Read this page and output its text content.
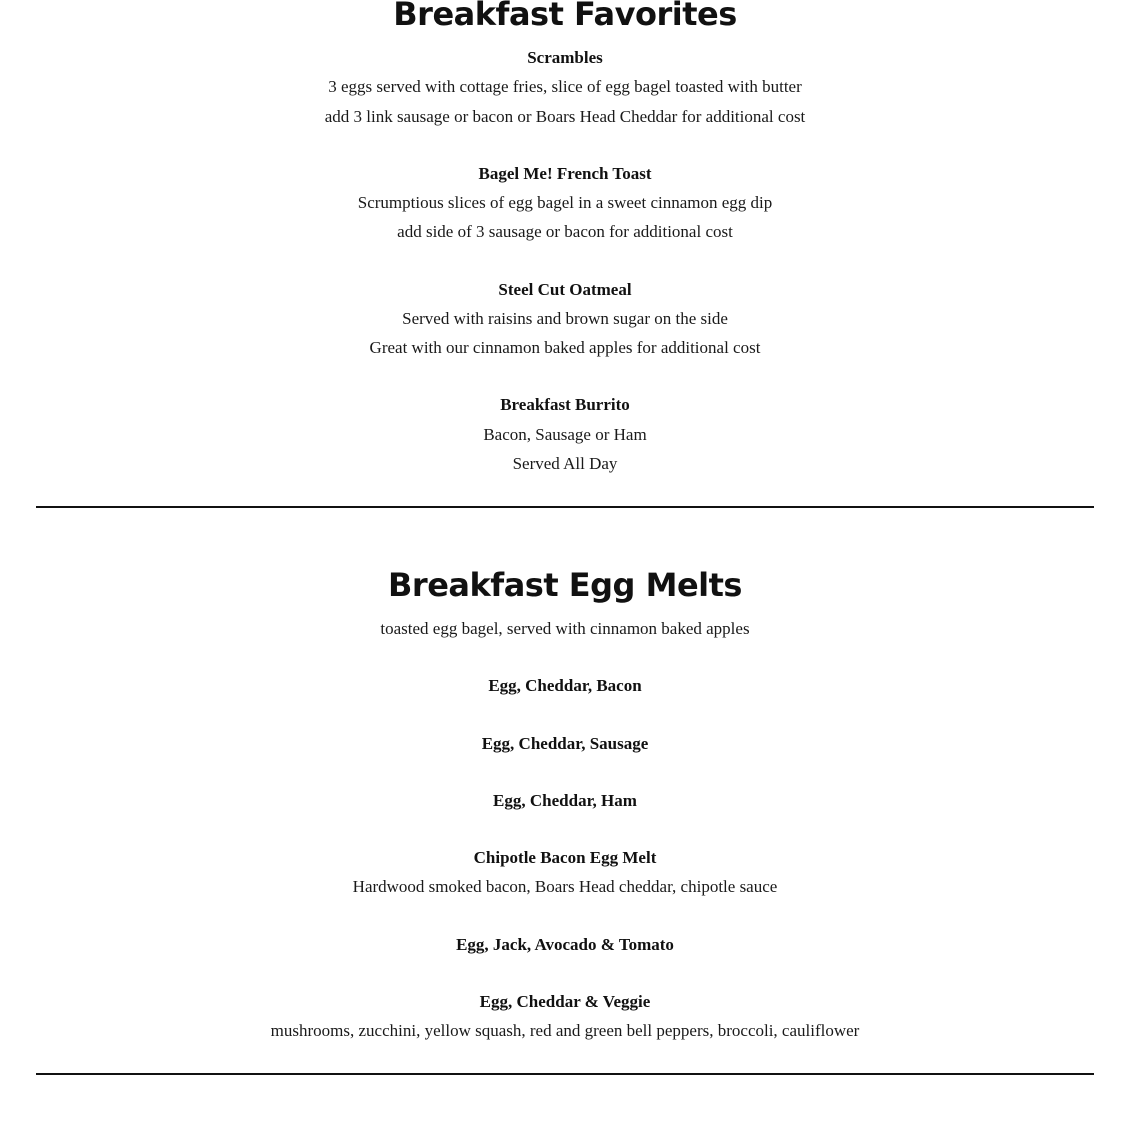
Breakfast Favorites
Scrambles
3 eggs served with cottage fries, slice of egg bagel toasted with butter
add 3 link sausage or bacon or Boars Head Cheddar for additional cost
Bagel Me! French Toast
Scrumptious slices of egg bagel in a sweet cinnamon egg dip
add side of 3 sausage or bacon for additional cost
Steel Cut Oatmeal
Served with raisins and brown sugar on the side
Great with our cinnamon baked apples for additional cost
Breakfast Burrito
Bacon, Sausage or Ham
Served All Day
Breakfast Egg Melts
toasted egg bagel, served with cinnamon baked apples
Egg, Cheddar, Bacon
Egg, Cheddar, Sausage
Egg, Cheddar, Ham
Chipotle Bacon Egg Melt
Hardwood smoked bacon, Boars Head cheddar, chipotle sauce
Egg, Jack, Avocado & Tomato
Egg, Cheddar & Veggie
mushrooms, zucchini, yellow squash, red and green bell peppers, broccoli, cauliflower
